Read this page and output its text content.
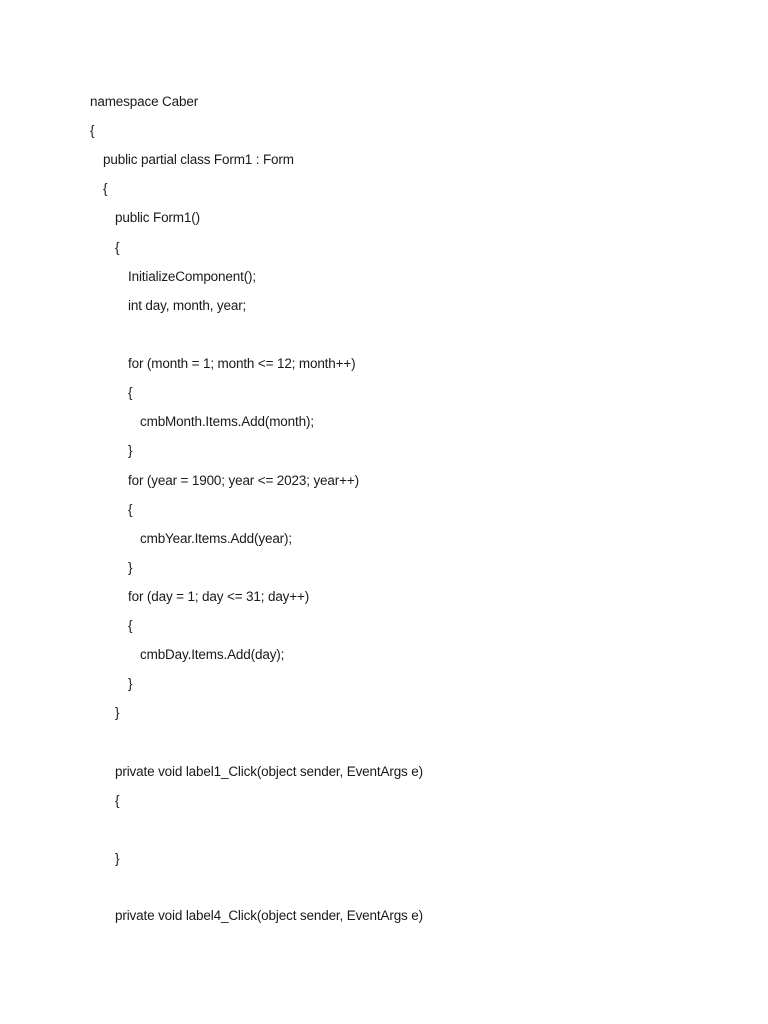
namespace Caber
{
public partial class Form1 : Form
{
public Form1()
{
InitializeComponent();
int day, month, year;
for (month = 1; month <= 12; month++)
{
cmbMonth.Items.Add(month);
}
for (year = 1900; year <= 2023; year++)
{
cmbYear.Items.Add(year);
}
for (day = 1; day <= 31; day++)
{
cmbDay.Items.Add(day);
}
}
private void label1_Click(object sender, EventArgs e)
{
}
private void label4_Click(object sender, EventArgs e)
